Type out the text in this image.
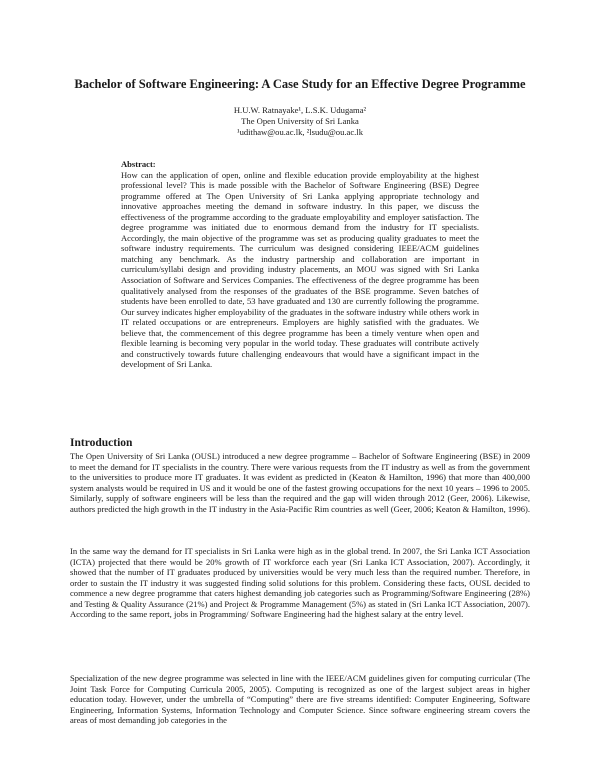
Bachelor of Software Engineering: A Case Study for an Effective Degree Programme
H.U.W. Ratnayake¹, L.S.K. Udugama²
The Open University of Sri Lanka
¹udithaw@ou.ac.lk, ²lsudu@ou.ac.lk
Abstract:
How can the application of open, online and flexible education provide employability at the highest professional level? This is made possible with the Bachelor of Software Engineering (BSE) Degree programme offered at The Open University of Sri Lanka applying appropriate technology and innovative approaches meeting the demand in software industry. In this paper, we discuss the effectiveness of the programme according to the graduate employability and employer satisfaction. The degree programme was initiated due to enormous demand from the industry for IT specialists. Accordingly, the main objective of the programme was set as producing quality graduates to meet the software industry requirements. The curriculum was designed considering IEEE/ACM guidelines matching any benchmark. As the industry partnership and collaboration are important in curriculum/syllabi design and providing industry placements, an MOU was signed with Sri Lanka Association of Software and Services Companies. The effectiveness of the degree programme has been qualitatively analysed from the responses of the graduates of the BSE programme. Seven batches of students have been enrolled to date, 53 have graduated and 130 are currently following the programme. Our survey indicates higher employability of the graduates in the software industry while others work in IT related occupations or are entrepreneurs. Employers are highly satisfied with the graduates. We believe that, the commencement of this degree programme has been a timely venture when open and flexible learning is becoming very popular in the world today. These graduates will contribute actively and constructively towards future challenging endeavours that would have a significant impact in the development of Sri Lanka.
Introduction

The Open University of Sri Lanka (OUSL) introduced a new degree programme – Bachelor of Software Engineering (BSE) in 2009 to meet the demand for IT specialists in the country. There were various requests from the IT industry as well as from the government to the universities to produce more IT graduates. It was evident as predicted in (Keaton & Hamilton, 1996) that more than 400,000 system analysts would be required in US and it would be one of the fastest growing occupations for the next 10 years – 1996 to 2005. Similarly, supply of software engineers will be less than the required and the gap will widen through 2012 (Geer, 2006). Likewise, authors predicted the high growth in the IT industry in the Asia-Pacific Rim countries as well (Geer, 2006; Keaton & Hamilton, 1996).

In the same way the demand for IT specialists in Sri Lanka were high as in the global trend. In 2007, the Sri Lanka ICT Association (ICTA) projected that there would be 20% growth of IT workforce each year (Sri Lanka ICT Association, 2007). Accordingly, it showed that the number of IT graduates produced by universities would be very much less than the required number. Therefore, in order to sustain the IT industry it was suggested finding solid solutions for this problem. Considering these facts, OUSL decided to commence a new degree programme that caters highest demanding job categories such as Programming/Software Engineering (28%) and Testing & Quality Assurance (21%) and Project & Programme Management (5%) as stated in (Sri Lanka ICT Association, 2007). According to the same report, jobs in Programming/ Software Engineering had the highest salary at the entry level.

Specialization of the new degree programme was selected in line with the IEEE/ACM guidelines given for computing curricular (The Joint Task Force for Computing Curricula 2005, 2005). Computing is recognized as one of the largest subject areas in higher education today. However, under the umbrella of “Computing” there are five streams identified: Computer Engineering, Software Engineering, Information Systems, Information Technology and Computer Science. Since software engineering stream covers the areas of most demanding job categories in the
